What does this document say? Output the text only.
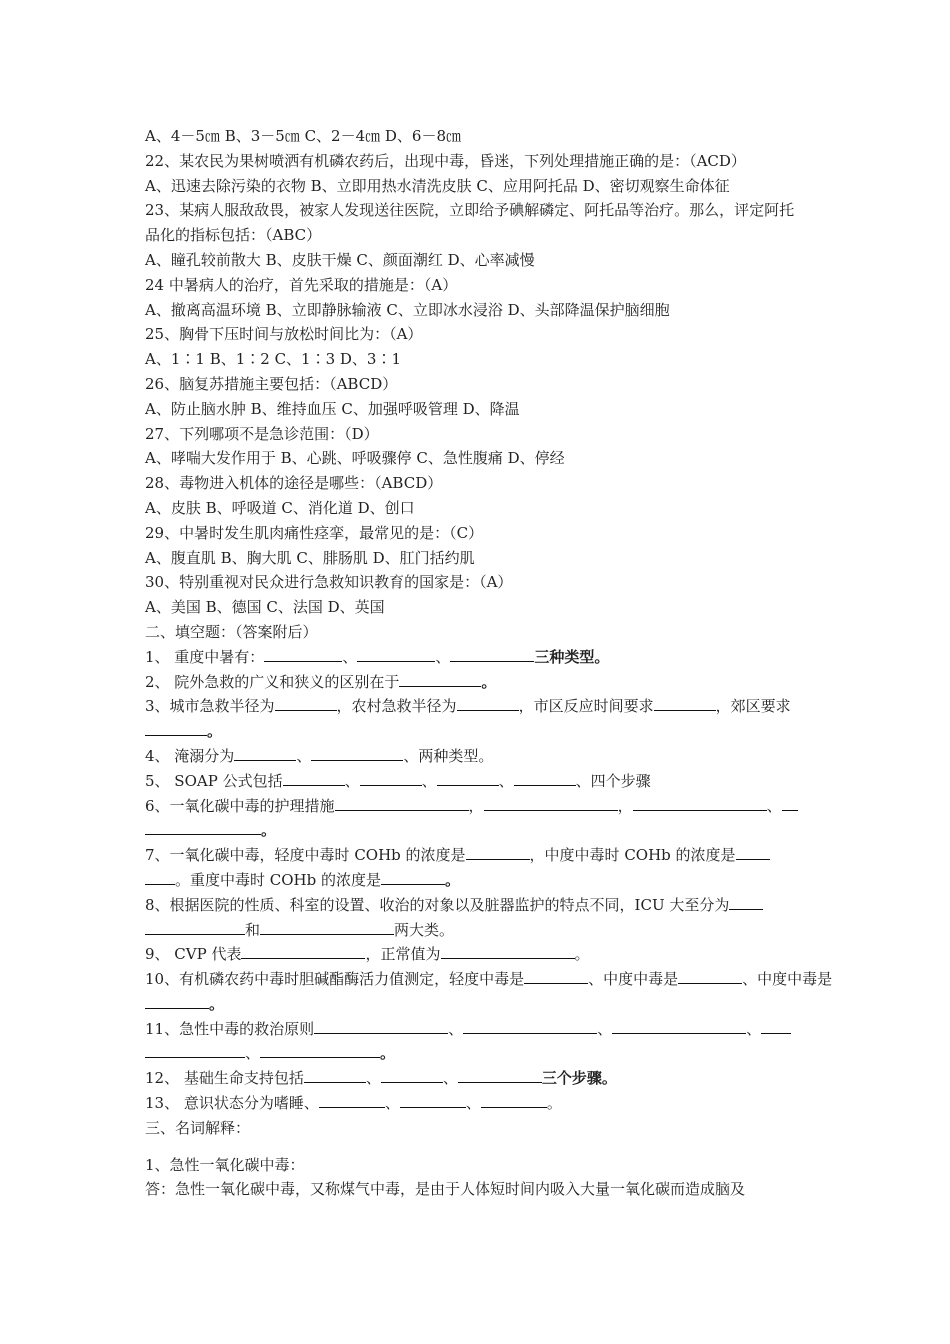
A、4－5㎝ B、3－5㎝ C、2－4㎝ D、6－8㎝
22、某农民为果树喷洒有机磷农药后，出现中毒，昏迷，下列处理措施正确的是：（ACD）
A、迅速去除污染的衣物 B、立即用热水清洗皮肤 C、应用阿托品 D、密切观察生命体征
23、某病人服敌敌畏，被家人发现送往医院，立即给予碘解磷定、阿托品等治疗。那么，评定阿托品化的指标包括：（ABC）
A、瞳孔较前散大 B、皮肤干燥 C、颜面潮红 D、心率减慢
24 中暑病人的治疗，首先采取的措施是：（A）
A、撤离高温环境 B、立即静脉输液 C、立即冰水浸浴 D、头部降温保护脑细胞
25、胸骨下压时间与放松时间比为：（A）
A、1∶1 B、1∶2 C、1∶3 D、3∶1
26、脑复苏措施主要包括：（ABCD）
A、防止脑水肿 B、维持血压 C、加强呼吸管理 D、降温
27、下列哪项不是急诊范围：（D）
A、哮喘大发作用于 B、心跳、呼吸骤停 C、急性腹痛 D、停经
28、毒物进入机体的途径是哪些：（ABCD）
A、皮肤 B、呼吸道 C、消化道 D、创口
29、中暑时发生肌肉痛性痉挛，最常见的是：（C）
A、腹直肌 B、胸大肌 C、腓肠肌 D、肛门括约肌
30、特别重视对民众进行急救知识教育的国家是：（A）
A、美国 B、德国 C、法国 D、英国
二、填空题：（答案附后）
1、 重度中暑有：	、	、	三种类型。
2、 院外急救的广义和狭义的区别在于	。
3、城市急救半径为	，农村急救半径为	，市区反应时间要求	，郊区要求。
4、 淹溺分为	、	、两种类型。
5、 SOAP 公式包括	、	、	、	、四个步骤
6、一氧化碳中毒的护理措施	，	，	、
。
7、一氧化碳中毒，轻度中毒时 COHb 的浓度是	，中度中毒时 COHb 的浓度是
。重度中毒时 COHb 的浓度是	。
8、根据医院的性质、科室的设置、收治的对象以及脏器监护的特点不同，ICU 大至分为
和	两大类。
9、 CVP 代表	，正常值为	。
10、有机磷农药中毒时胆碱酯酶活力值测定，轻度中毒是	、中度中毒是	、中度中毒是
。
11、急性中毒的救治原则	、	、	、
、	。
12、 基础生命支持包括	、	、	三个步骤。
13、 意识状态分为嗜睡、	、	、	。
三、名词解释：
1、急性一氧化碳中毒：
答：急性一氧化碳中毒，又称煤气中毒，是由于人体短时间内吸入大量一氧化碳而造成脑及
